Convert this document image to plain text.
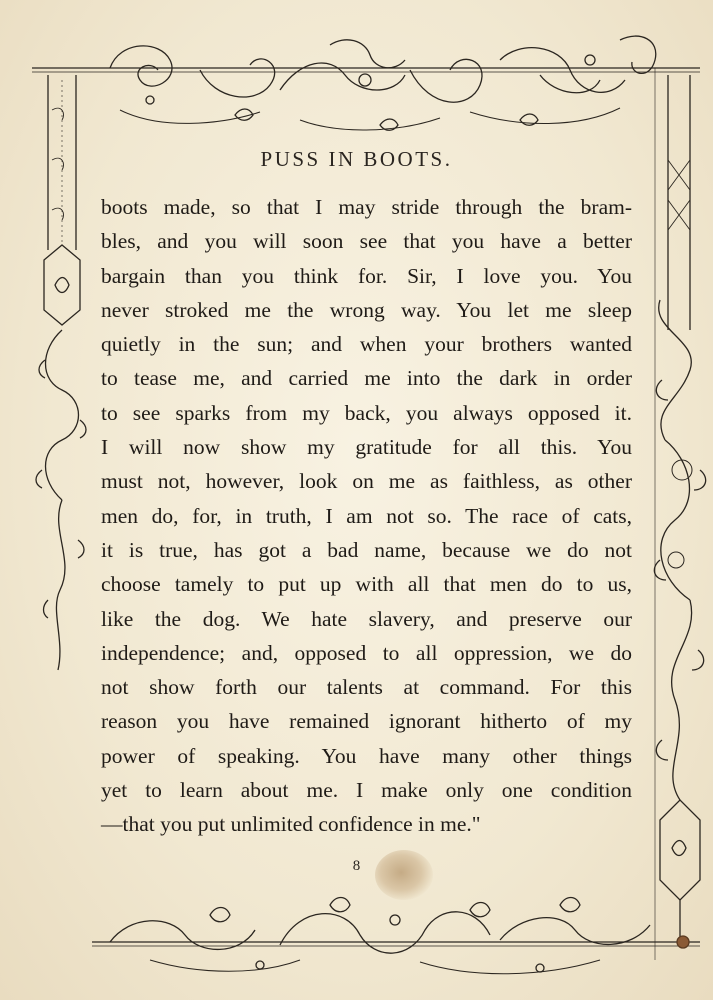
PUSS IN BOOTS.
boots made, so that I may stride through the bram-
bles, and you will soon see that you have a better
bargain than you think for. Sir, I love you. You
never stroked me the wrong way. You let me sleep
quietly in the sun; and when your brothers wanted
to tease me, and carried me into the dark in order
to see sparks from my back, you always opposed it.
I will now show my gratitude for all this. You
must not, however, look on me as faithless, as other
men do, for, in truth, I am not so. The race of cats,
it is true, has got a bad name, because we do not
choose tamely to put up with all that men do to us,
like the dog. We hate slavery, and preserve our
independence; and, opposed to all oppression, we do
not show forth our talents at command. For this
reason you have remained ignorant hitherto of my
power of speaking. You have many other things
yet to learn about me. I make only one condition
—that you put unlimited confidence in me."
8
